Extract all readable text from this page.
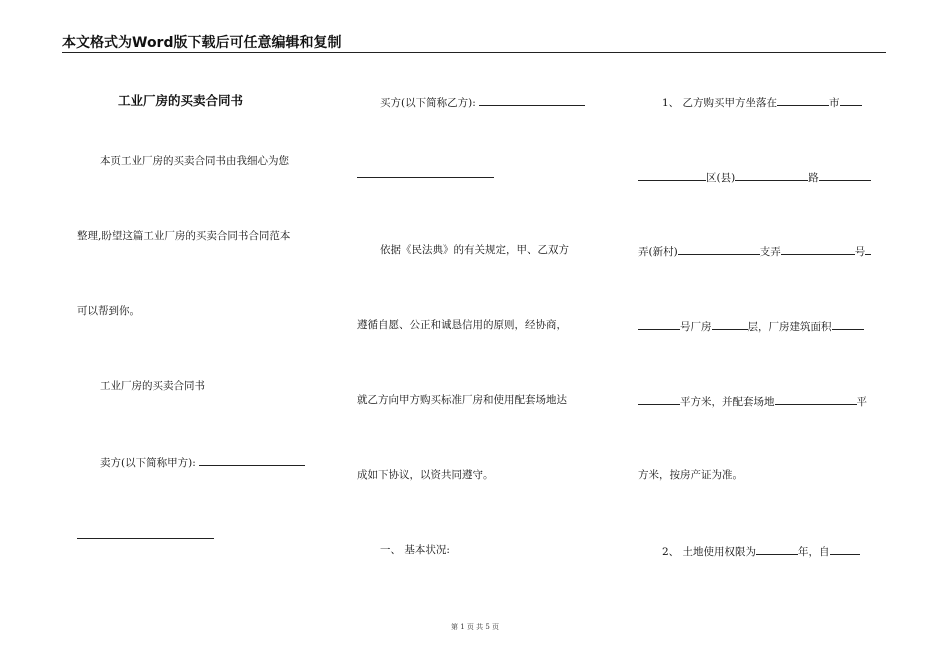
本文格式为Word版下载后可任意编辑和复制
工业厂房的买卖合同书
本页工业厂房的买卖合同书由我细心为您
整理,盼望这篇工业厂房的买卖合同书合同范本
可以帮到你。
工业厂房的买卖合同书
卖方(以下简称甲方):
买方(以下简称乙方):
依据《民法典》的有关规定，甲、乙双方
遵循自愿、公正和诚恳信用的原则，经协商，
就乙方向甲方购买标准厂房和使用配套场地达
成如下协议，以资共同遵守。
一、 基本状况:
1、 乙方购买甲方坐落在	市
区(县)	路
弄(新村)	支弄	号
号厂房	层，厂房建筑面积
平方米，并配套场地	平
方米，按房产证为准。
2、 土地使用权限为	年，自
第 1 页 共 5 页
